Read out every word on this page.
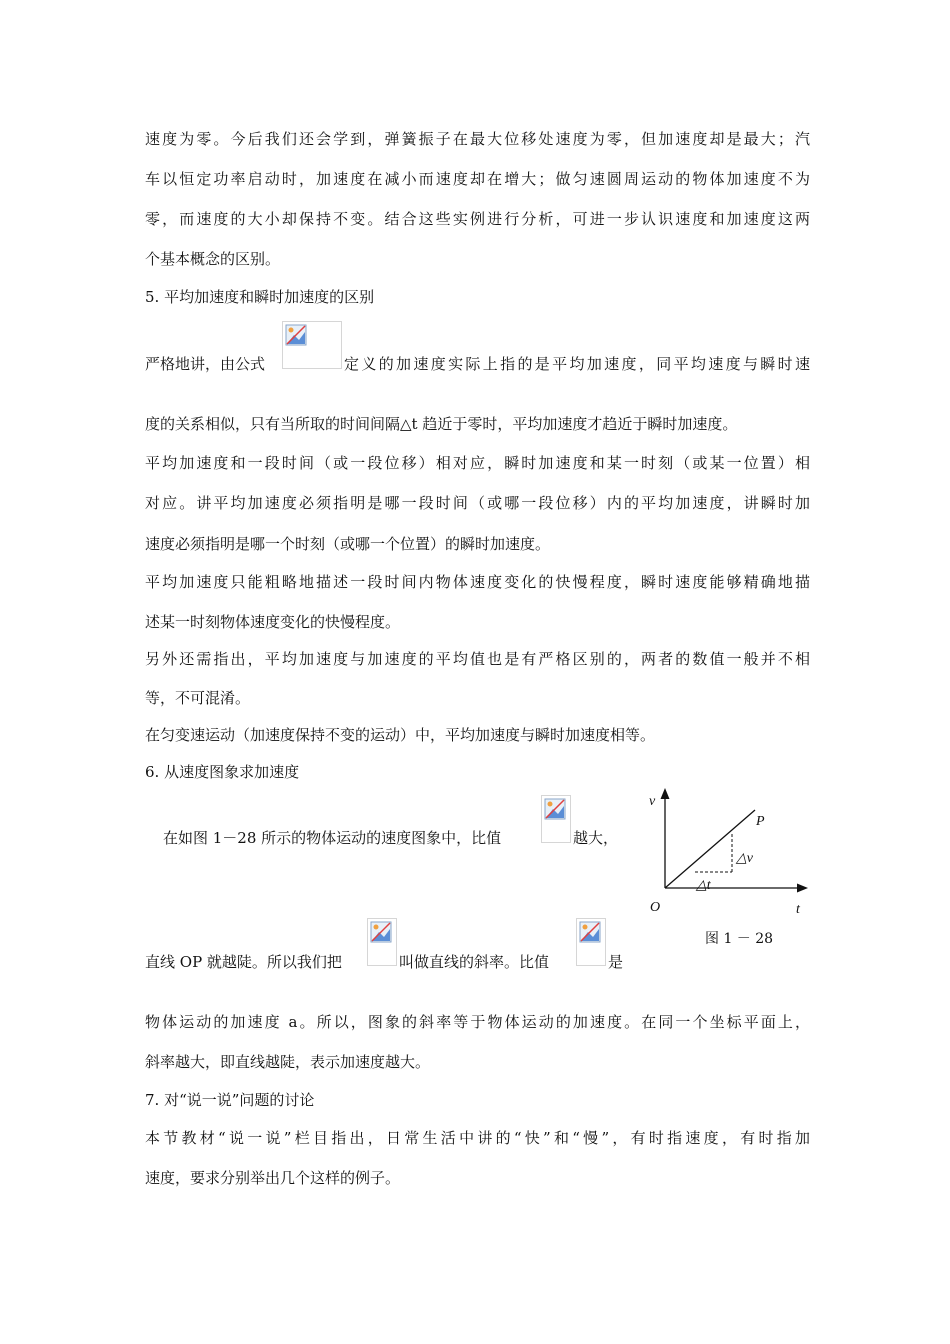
速度为零。今后我们还会学到，弹簧振子在最大位移处速度为零，但加速度却是最大；汽
车以恒定功率启动时，加速度在减小而速度却在增大；做匀速圆周运动的物体加速度不为
零，而速度的大小却保持不变。结合这些实例进行分析，可进一步认识速度和加速度这两
个基本概念的区别。
5. 平均加速度和瞬时加速度的区别
严格地讲，由公式	定义的加速度实际上指的是平均加速度，同平均速度与瞬时速
度的关系相似，只有当所取的时间间隔△t 趋近于零时，平均加速度才趋近于瞬时加速度。
平均加速度和一段时间（或一段位移）相对应，瞬时加速度和某一时刻（或某一位置）相
对应。讲平均加速度必须指明是哪一段时间（或哪一段位移）内的平均加速度，讲瞬时加
速度必须指明是哪一个时刻（或哪一个位置）的瞬时加速度。
平均加速度只能粗略地描述一段时间内物体速度变化的快慢程度，瞬时速度能够精确地描
述某一时刻物体速度变化的快慢程度。
另外还需指出，平均加速度与加速度的平均值也是有严格区别的，两者的数值一般并不相
等，不可混淆。
在匀变速运动（加速度保持不变的运动）中，平均加速度与瞬时加速度相等。
6. 从速度图象求加速度
在如图 1－28 所示的物体运动的速度图象中，比值	越大，
直线 OP 就越陡。所以我们把	叫做直线的斜率。比值	是
v
t
O
P
△v
△t
图 1 － 28
物体运动的加速度 a。所以，图象的斜率等于物体运动的加速度。在同一个坐标平面上，
斜率越大，即直线越陡，表示加速度越大。
7. 对“说一说”问题的讨论
本节教材“说一说”栏目指出，日常生活中讲的“快”和“慢”，有时指速度，有时指加
速度，要求分别举出几个这样的例子。
